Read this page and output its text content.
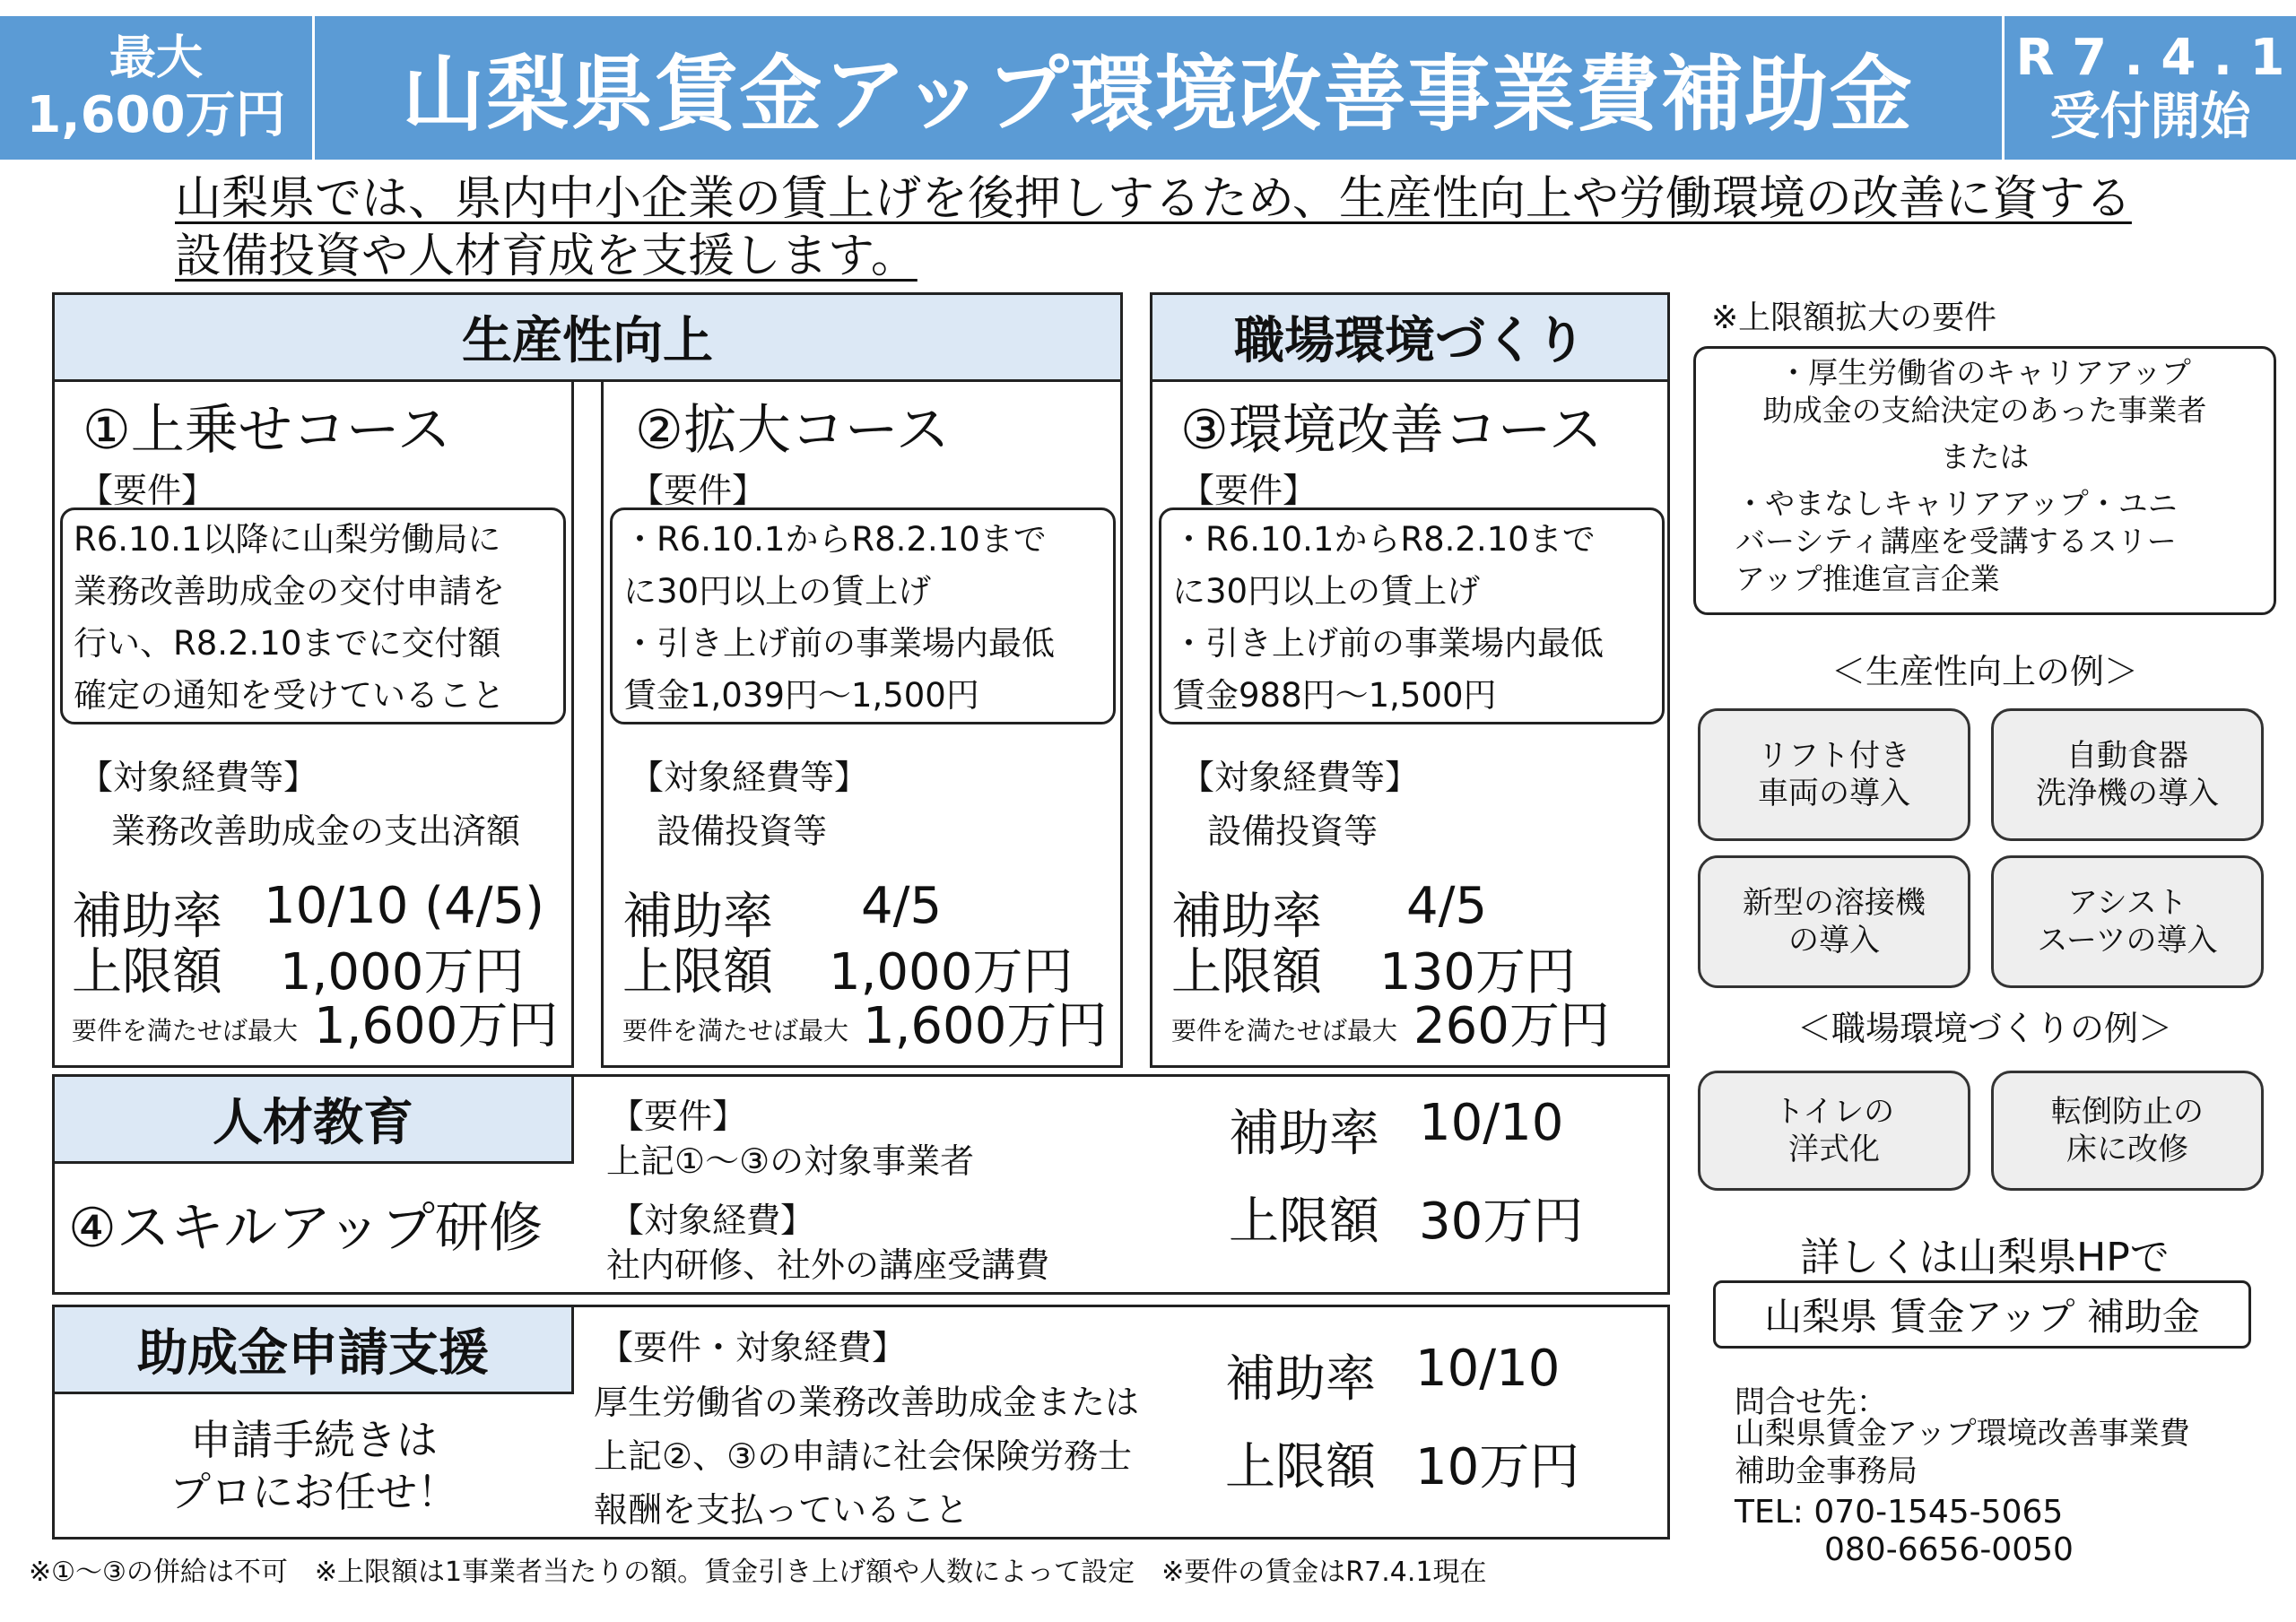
最大
1,600万円	山梨県賃金アップ環境改善事業費補助金	R 7 . 4 . 1
受付開始
山梨県では、県内中小企業の賃上げを後押しするため、生産性向上や労働環境の改善に資する
設備投資や人材育成を支援します。
生産性向上	職場環境づくり
①上乗せコース
【要件】
R6.10.1以降に山梨労働局に
業務改善助成金の交付申請を
行い、R8.2.10までに交付額
確定の通知を受けていること
【対象経費等】
業務改善助成金の支出済額
補助率 10/10 (4/5)
上限額 1,000万円
要件を満たせば最大 1,600万円
②拡大コース
【要件】
・R6.10.1からR8.2.10まで
に30円以上の賃上げ
・引き上げ前の事業場内最低
賃金1,039円～1,500円
【対象経費等】
設備投資等
補助率 4/5
上限額 1,000万円
要件を満たせば最大 1,600万円
③環境改善コース
【要件】
・R6.10.1からR8.2.10まで
に30円以上の賃上げ
・引き上げ前の事業場内最低
賃金988円～1,500円
【対象経費等】
設備投資等
補助率 4/5
上限額 130万円
要件を満たせば最大 260万円
人材教育
④スキルアップ研修
【要件】
上記①～③の対象事業者
【対象経費】
社内研修、社外の講座受講費
補助率 10/10
上限額 30万円
助成金申請支援
申請手続きは
プロにお任せ！
【要件・対象経費】
厚生労働省の業務改善助成金または
上記②、③の申請に社会保険労務士
報酬を支払っていること
補助率 10/10
上限額 10万円
※①～③の併給は不可　※上限額は1事業者当たりの額。賃金引き上げ額や人数によって設定　※要件の賃金はR7.4.1現在
※上限額拡大の要件
・厚生労働省のキャリアアップ
助成金の支給決定のあった事業者
または
・やまなしキャリアアップ・ユニ
バーシティ講座を受講するスリー
アップ推進宣言企業
＜生産性向上の例＞
リフト付き
車両の導入
自動食器
洗浄機の導入
新型の溶接機
の導入
アシスト
スーツの導入
＜職場環境づくりの例＞
トイレの
洋式化
転倒防止の
床に改修
詳しくは山梨県HPで
山梨県 賃金アップ 補助金
問合せ先：
山梨県賃金アップ環境改善事業費
補助金事務局
TEL: 070-1545-5065
080-6656-0050
